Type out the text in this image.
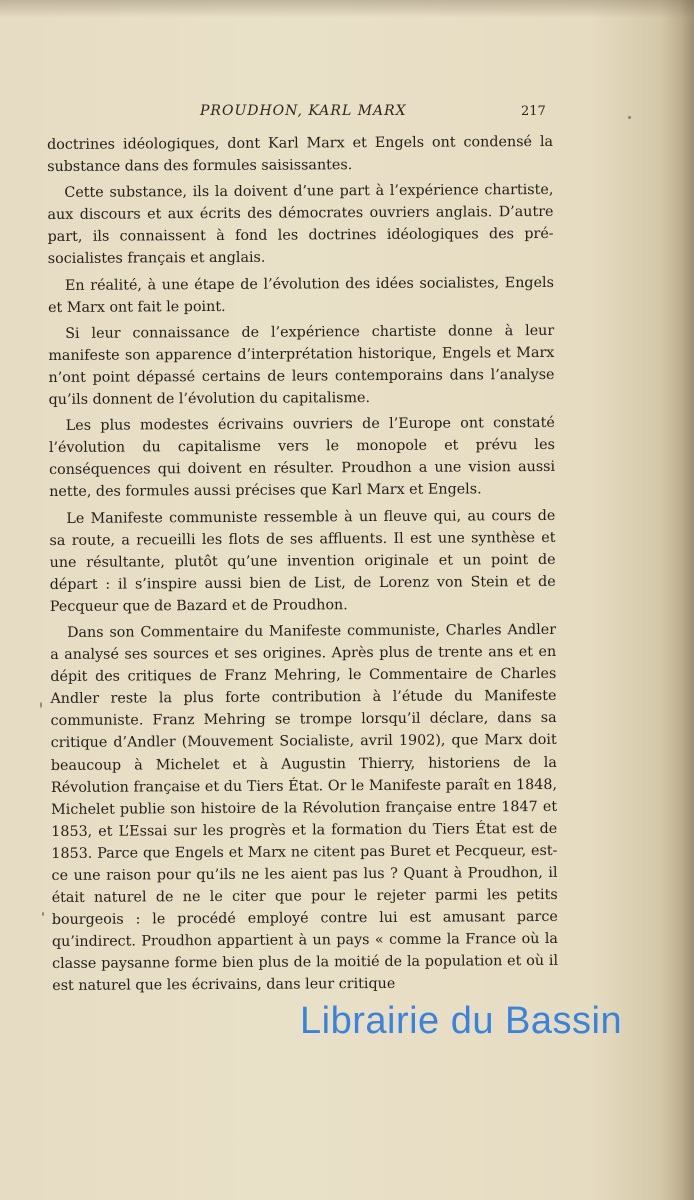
PROUDHON, KARL MARX	217

doctrines idéologiques, dont Karl Marx et Engels ont condensé la substance dans des formules saisissantes.

Cette substance, ils la doivent d’une part à l’expérience chartiste, aux discours et aux écrits des démocrates ouvriers anglais. D’autre part, ils connaissent à fond les doctrines idéologiques des pré-socialistes français et anglais.

En réalité, à une étape de l’évolution des idées socialistes, Engels et Marx ont fait le point.

Si leur connaissance de l’expérience chartiste donne à leur manifeste son apparence d’interprétation historique, Engels et Marx n’ont point dépassé certains de leurs contemporains dans l’analyse qu’ils donnent de l’évolution du capitalisme.

Les plus modestes écrivains ouvriers de l’Europe ont constaté l’évolution du capitalisme vers le monopole et prévu les conséquences qui doivent en résulter. Proudhon a une vision aussi nette, des formules aussi précises que Karl Marx et Engels.

Le Manifeste communiste ressemble à un fleuve qui, au cours de sa route, a recueilli les flots de ses affluents. Il est une synthèse et une résultante, plutôt qu’une invention originale et un point de départ : il s’inspire aussi bien de List, de Lorenz von Stein et de Pecqueur que de Bazard et de Proudhon.

Dans son Commentaire du Manifeste communiste, Charles Andler a analysé ses sources et ses origines. Après plus de trente ans et en dépit des critiques de Franz Mehring, le Commentaire de Charles Andler reste la plus forte contribution à l’étude du Manifeste communiste. Franz Mehring se trompe lorsqu’il déclare, dans sa critique d’Andler (Mouvement Socialiste, avril 1902), que Marx doit beaucoup à Michelet et à Augustin Thierry, historiens de la Révolution française et du Tiers État. Or le Manifeste paraît en 1848, Michelet publie son histoire de la Révolution française entre 1847 et 1853, et L’Essai sur les progrès et la formation du Tiers État est de 1853. Parce que Engels et Marx ne citent pas Buret et Pecqueur, est-ce une raison pour qu’ils ne les aient pas lus ? Quant à Proudhon, il était naturel de ne le citer que pour le rejeter parmi les petits bourgeois : le procédé employé contre lui est amusant parce qu’indirect. Proudhon appartient à un pays « comme la France où la classe paysanne forme bien plus de la moitié de la population et où il est naturel que les écrivains, dans leur critique

Librairie du Bassin
